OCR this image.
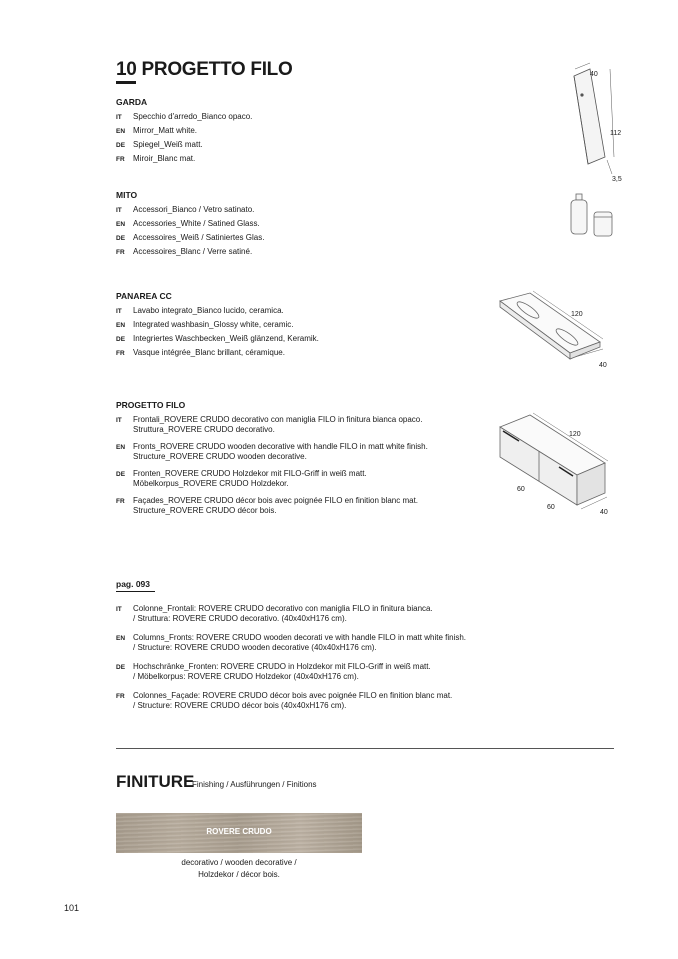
10 PROGETTO FILO
GARDA
IT Specchio d'arredo_Bianco opaco.
EN Mirror_Matt white.
DE Spiegel_Weiß matt.
FR Miroir_Blanc mat.
MITO
IT Accessori_Bianco / Vetro satinato.
EN Accessories_White / Satined Glass.
DE Accessoires_Weiß / Satiniertes Glas.
FR Accessoires_Blanc / Verre satiné.
PANAREA CC
IT Lavabo integrato_Bianco lucido, ceramica.
EN Integrated washbasin_Glossy white, ceramic.
DE Integriertes Waschbecken_Weiß glänzend, Keramik.
FR Vasque intégrée_Blanc brillant, céramique.
PROGETTO FILO
IT Frontali_ROVERE CRUDO decorativo con maniglia FILO in finitura bianca opaco.
Struttura_ROVERE CRUDO decorativo.
EN Fronts_ROVERE CRUDO wooden decorative with handle FILO in matt white finish.
Structure_ROVERE CRUDO wooden decorative.
DE Fronten_ROVERE CRUDO Holzdekor mit FILO-Griff in weiß matt.
Möbelkorpus_ROVERE CRUDO Holzdekor.
FR Façades_ROVERE CRUDO décor bois avec poignée FILO en finition blanc mat.
Structure_ROVERE CRUDO décor bois.
pag. 093
IT Colonne_Frontali: ROVERE CRUDO decorativo con maniglia FILO in finitura bianca.
/ Struttura: ROVERE CRUDO decorativo. (40x40xH176 cm).
EN Columns_Fronts: ROVERE CRUDO wooden decorati ve with handle FILO in matt white finish.
/ Structure: ROVERE CRUDO wooden decorative (40x40xH176 cm).
DE Hochschränke_Fronten: ROVERE CRUDO in Holzdekor mit FILO-Griff in weiß matt.
/ Möbelkorpus: ROVERE CRUDO Holzdekor (40x40xH176 cm).
FR Colonnes_Façade: ROVERE CRUDO décor bois avec poignée FILO en finition blanc mat.
/ Structure: ROVERE CRUDO décor bois (40x40xH176 cm).
FINITURE
Finishing / Ausführungen / Finitions
ROVERE CRUDO
decorativo / wooden decorative /
Holzdekor / décor bois.
101
40
112
3,5
120
40
120
60
60
40
